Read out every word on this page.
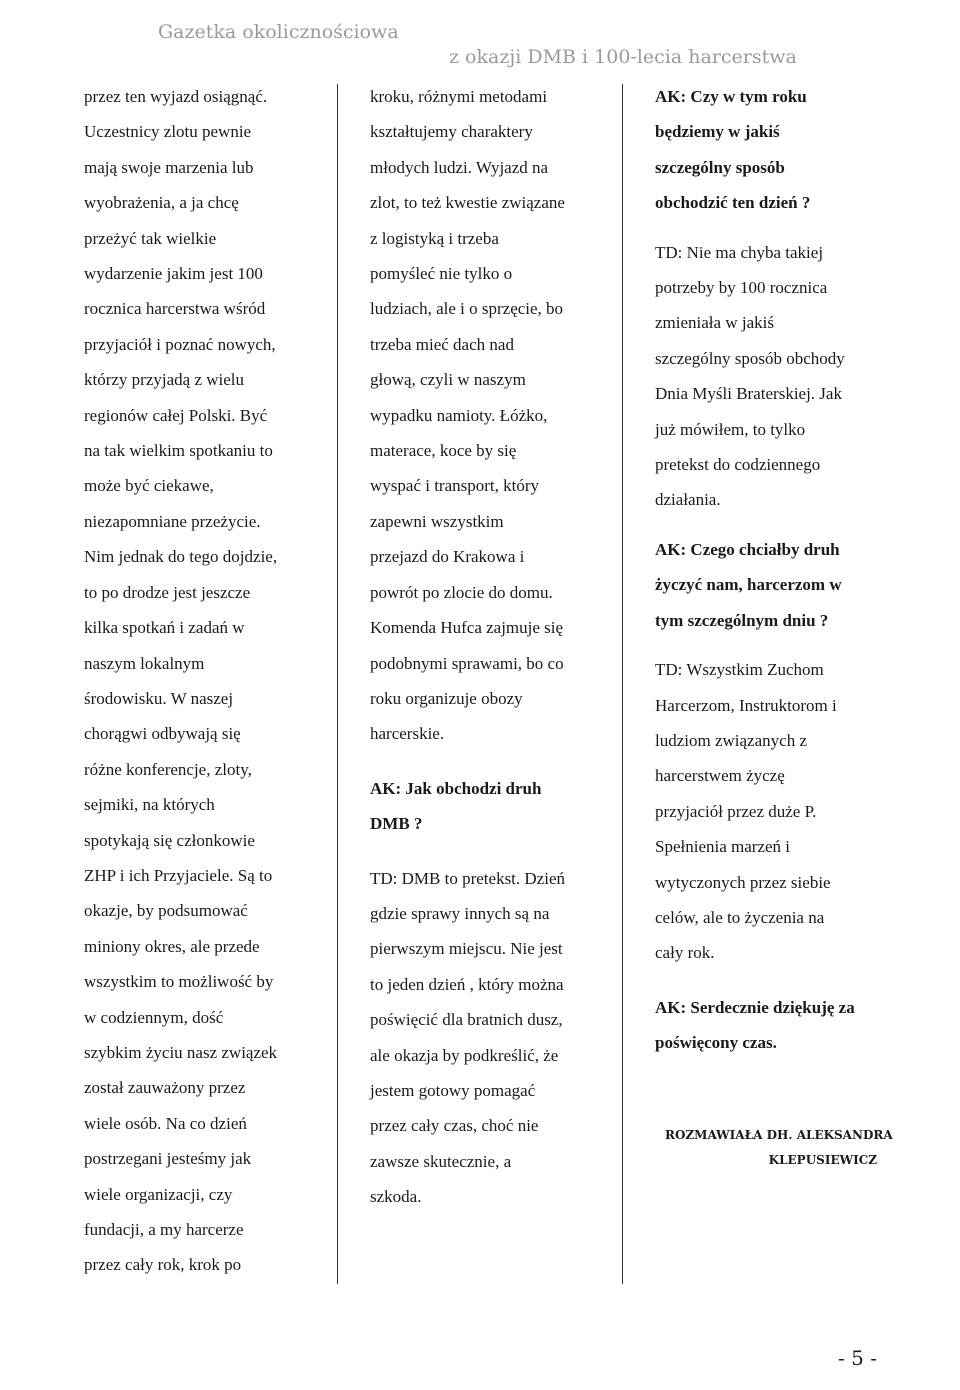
Gazetka okolicznościowa
z okazji DMB i 100-lecia harcerstwa

przez ten wyjazd osiągnąć.

Uczestnicy zlotu pewnie

mają swoje marzenia lub

wyobrażenia, a ja chcę

przeżyć tak wielkie

wydarzenie jakim jest 100

rocznica harcerstwa wśród

przyjaciół i poznać nowych,

którzy przyjadą z wielu

regionów całej Polski. Być

na tak wielkim spotkaniu to

może być ciekawe,

niezapomniane przeżycie.

Nim jednak do tego dojdzie,

to po drodze jest jeszcze

kilka spotkań i zadań w

naszym lokalnym

środowisku. W naszej

chorągwi odbywają się

różne konferencje, zloty,

sejmiki, na których

spotykają się członkowie

ZHP i ich Przyjaciele. Są to

okazje, by podsumować

miniony okres, ale przede

wszystkim to możliwość by

w codziennym, dość

szybkim życiu nasz związek

został zauważony przez

wiele osób. Na co dzień

postrzegani jesteśmy jak

wiele organizacji, czy

fundacji, a my harcerze

przez cały rok, krok po

kroku, różnymi metodami

kształtujemy charaktery

młodych ludzi. Wyjazd na

zlot, to też kwestie związane

z logistyką i trzeba

pomyśleć nie tylko o

ludziach, ale i o sprzęcie, bo

trzeba mieć dach nad

głową, czyli w naszym

wypadku namioty. Łóżko,

materace, koce by się

wyspać i transport, który

zapewni wszystkim

przejazd do Krakowa i

powrót po zlocie do domu.

Komenda Hufca zajmuje się

podobnymi sprawami, bo co

roku organizuje obozy

harcerskie.

AK: Jak obchodzi druh

DMB ?

TD: DMB to pretekst. Dzień

gdzie sprawy innych są na

pierwszym miejscu. Nie jest

to jeden dzień , który można

poświęcić dla bratnich dusz,

ale okazja by podkreślić, że

jestem gotowy pomagać

przez cały czas, choć nie

zawsze skutecznie, a

szkoda.

AK: Czy w tym roku

będziemy w jakiś

szczególny sposób

obchodzić ten dzień ?

TD: Nie ma chyba takiej

potrzeby by 100 rocznica

zmieniała w jakiś

szczególny sposób obchody

Dnia Myśli Braterskiej. Jak

już mówiłem, to tylko

pretekst do codziennego

działania.

AK: Czego chciałby druh

życzyć nam, harcerzom w

tym szczególnym dniu ?

TD: Wszystkim Zuchom

Harcerzom, Instruktorom i

ludziom związanych z

harcerstwem życzę

przyjaciół przez duże P.

Spełnienia marzeń i

wytyczonych przez siebie

celów, ale to życzenia na

cały rok.

AK: Serdecznie dziękuję za

poświęcony czas.

ROZMAWIAŁA DH. ALEKSANDRA

KLEPUSIEWICZ

- 5 -
